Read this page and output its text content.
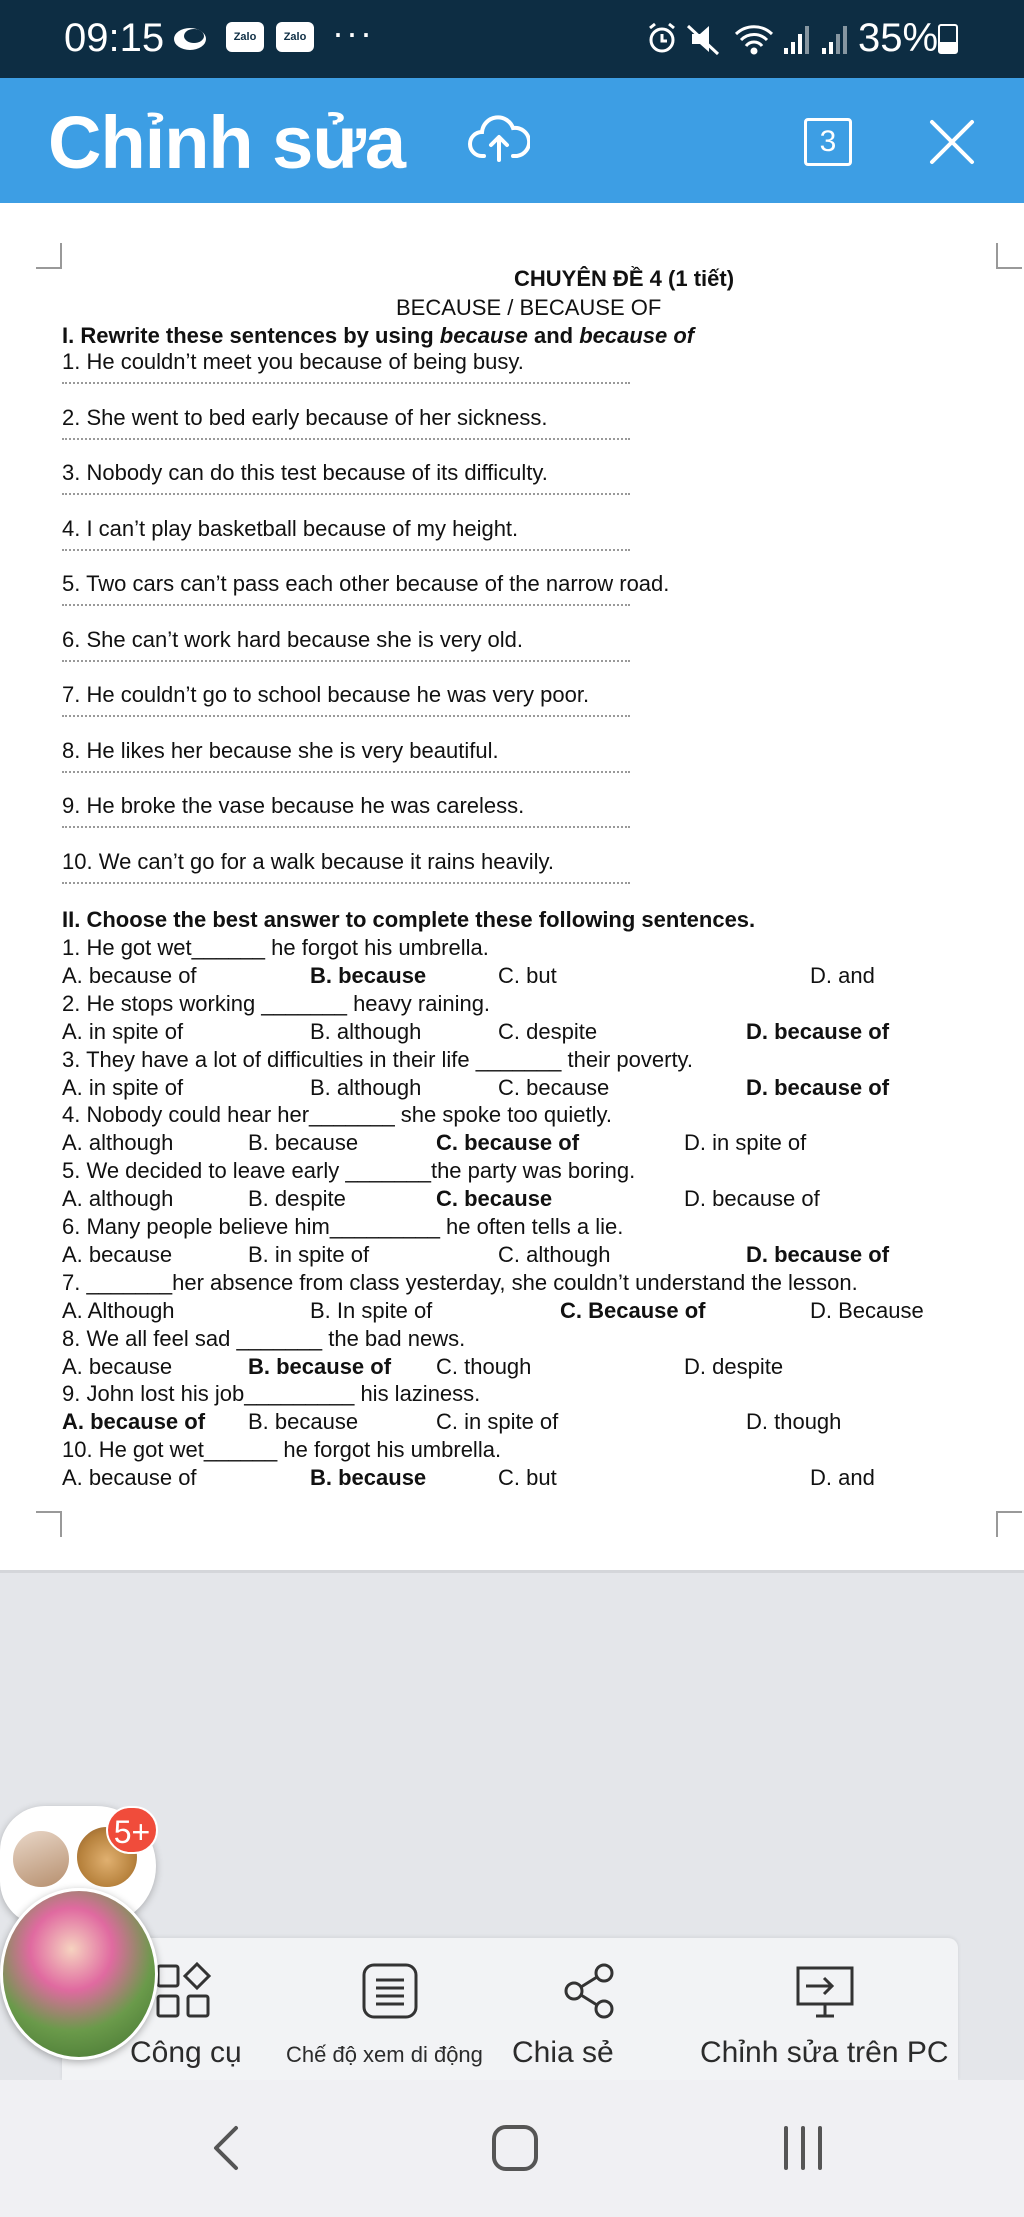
09:15	Zalo	Zalo ···	35%
Chỉnh sửa	3
CHUYÊN ĐỀ 4 (1 tiết)
BECAUSE / BECAUSE OF
I. Rewrite these sentences by using because and because of
1. He couldn’t meet you because of being busy.
2. She went to bed early because of her sickness.
3. Nobody can do this test because of its difficulty.
4. I can’t play basketball because of my height.
5. Two cars can’t pass each other because of the narrow road.
6. She can’t work hard because she is very old.
7. He couldn’t go to school because he was very poor.
8. He likes her because she is very beautiful.
9. He broke the vase because he was careless.
10. We can’t go for a walk because it rains heavily.
II. Choose the best answer to complete these following sentences.
1. He got wet______ he forgot his umbrella.
A. because of	B. because	C. but	D. and
2. He stops working _______ heavy raining.
A. in spite of	B. although	C. despite	D. because of
3. They have a lot of difficulties in their life _______ their poverty.
A. in spite of	B. although	C. because	D. because of
4. Nobody could hear her_______ she spoke too quietly.
A. although	B. because	C. because of	D. in spite of
5. We decided to leave early _______the party was boring.
A. although	B. despite	C. because	D. because of
6. Many people believe him_________ he often tells a lie.
A. because	B. in spite of	C. although	D. because of
7. _______her absence from class yesterday, she couldn’t understand the lesson.
A. Although	B. In spite of	C. Because of	D. Because
8. We all feel sad _______ the bad news.
A. because	B. because of C. though	D. despite
9. John lost his job_________ his laziness.
A. because of B. because	C. in spite of	D. though
10. He got wet______ he forgot his umbrella.
A. because of	B. because	C. but	D. and
5+
Công cụ Chế độ xem di động Chia sẻ	Chỉnh sửa trên PC
